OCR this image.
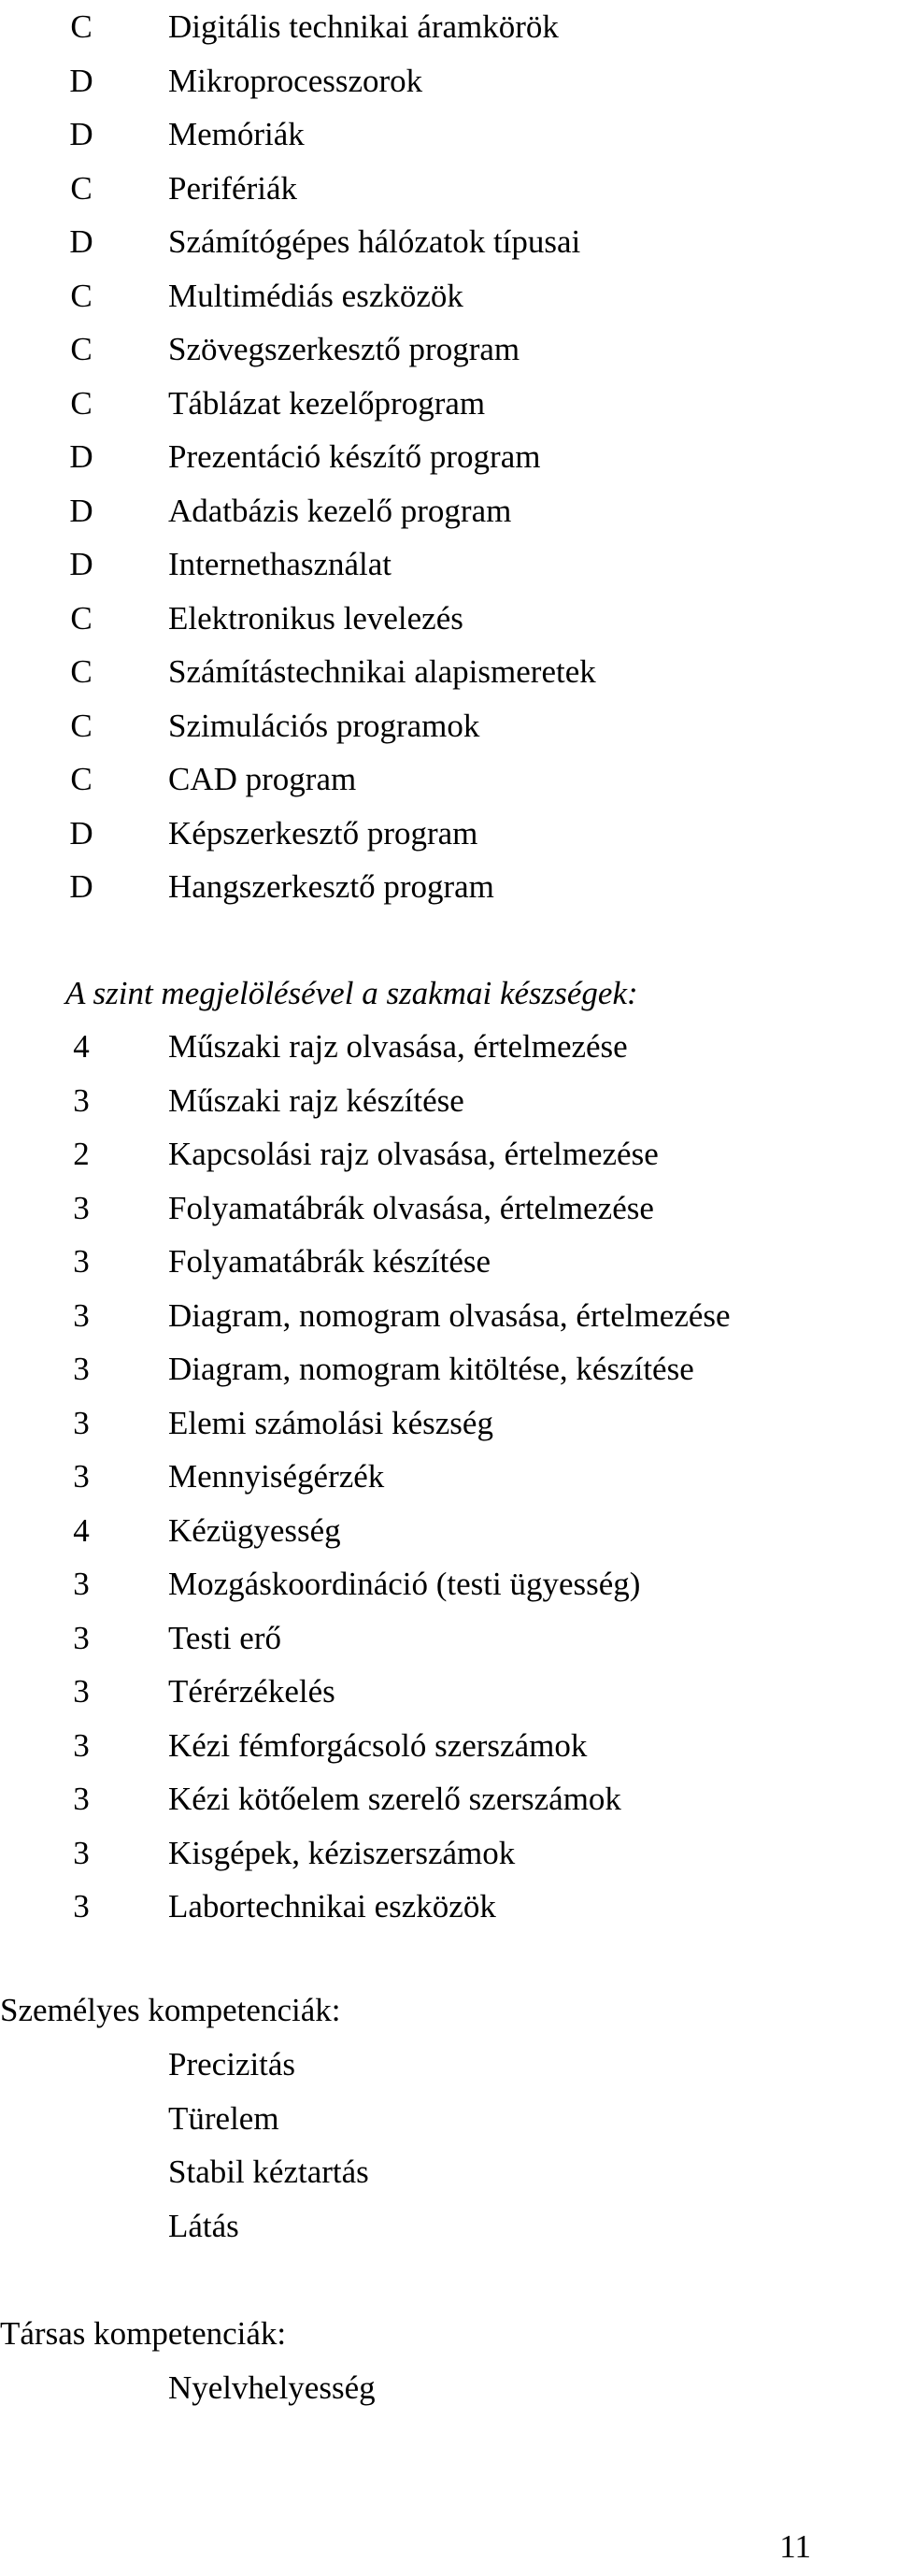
C	Digitális technikai áramkörök
D	Mikroprocesszorok
D	Memóriák
C	Perifériák
D	Számítógépes hálózatok típusai
C	Multimédiás eszközök
C	Szövegszerkesztő program
C	Táblázat kezelőprogram
D	Prezentáció készítő program
D	Adatbázis kezelő program
D	Internethasználat
C	Elektronikus levelezés
C	Számítástechnikai alapismeretek
C	Szimulációs programok
C	CAD program
D	Képszerkesztő program
D	Hangszerkesztő program
A szint megjelölésével a szakmai készségek:
4	Műszaki rajz olvasása, értelmezése
3	Műszaki rajz készítése
2	Kapcsolási rajz olvasása, értelmezése
3	Folyamatábrák olvasása, értelmezése
3	Folyamatábrák készítése
3	Diagram, nomogram olvasása, értelmezése
3	Diagram, nomogram kitöltése, készítése
3	Elemi számolási készség
3	Mennyiségérzék
4	Kézügyesség
3	Mozgáskoordináció (testi ügyesség)
3	Testi erő
3	Térérzékelés
3	Kézi fémforgácsoló szerszámok
3	Kézi kötőelem szerelő szerszámok
3	Kisgépek, kéziszerszámok
3	Labortechnikai eszközök
Személyes kompetenciák:
Precizitás
Türelem
Stabil kéztartás
Látás
Társas kompetenciák:
Nyelvhelyesség
11
